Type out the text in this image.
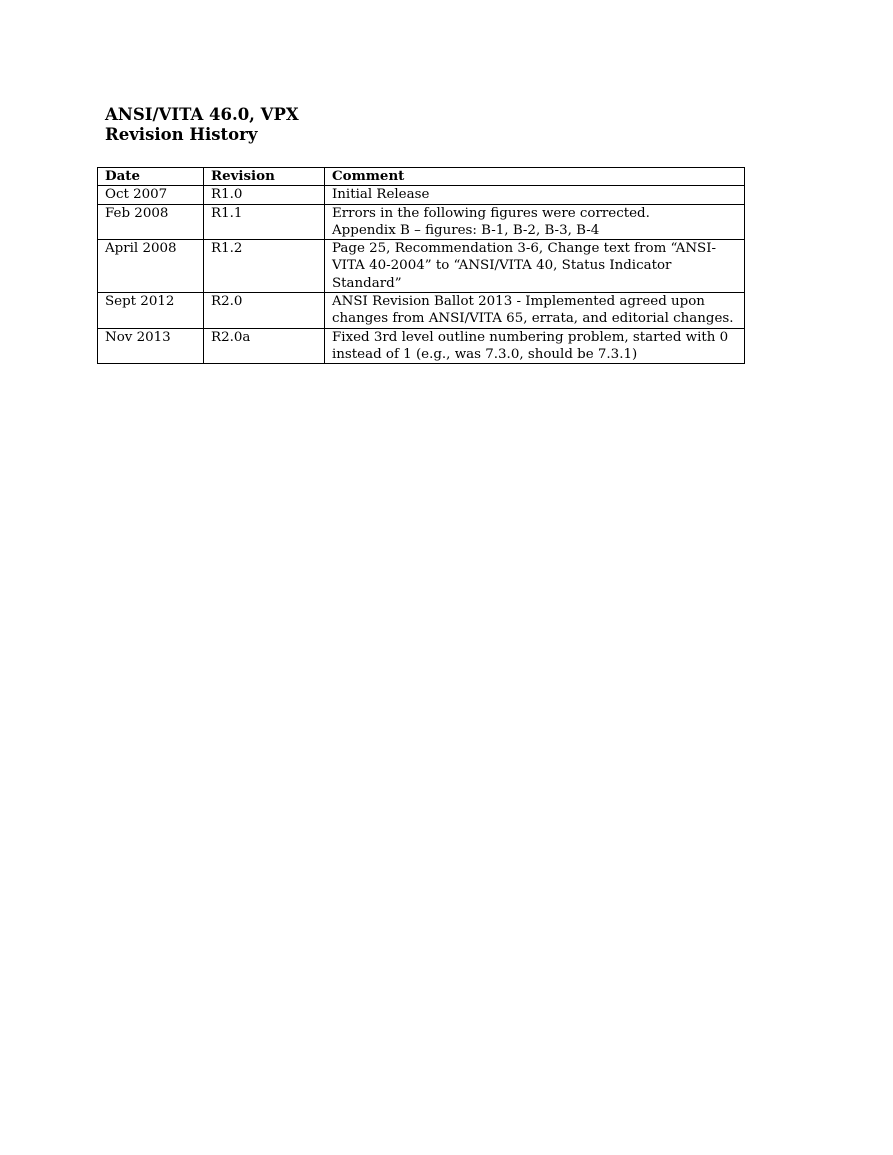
ANSI/VITA 46.0, VPX
Revision History
Date	Revision	Comment
Oct 2007	R1.0	Initial Release
Feb 2008	R1.1	Errors in the following figures were corrected.
Appendix B – figures: B-1, B-2, B-3, B-4
April 2008	R1.2	Page 25, Recommendation 3-6, Change text from “ANSI-VITA 40-2004” to “ANSI/VITA 40, Status Indicator Standard”
Sept 2012	R2.0	ANSI Revision Ballot 2013 - Implemented agreed upon changes from ANSI/VITA 65, errata, and editorial changes.
Nov 2013	R2.0a	Fixed 3rd level outline numbering problem, started with 0 instead of 1 (e.g., was 7.3.0, should be 7.3.1)
